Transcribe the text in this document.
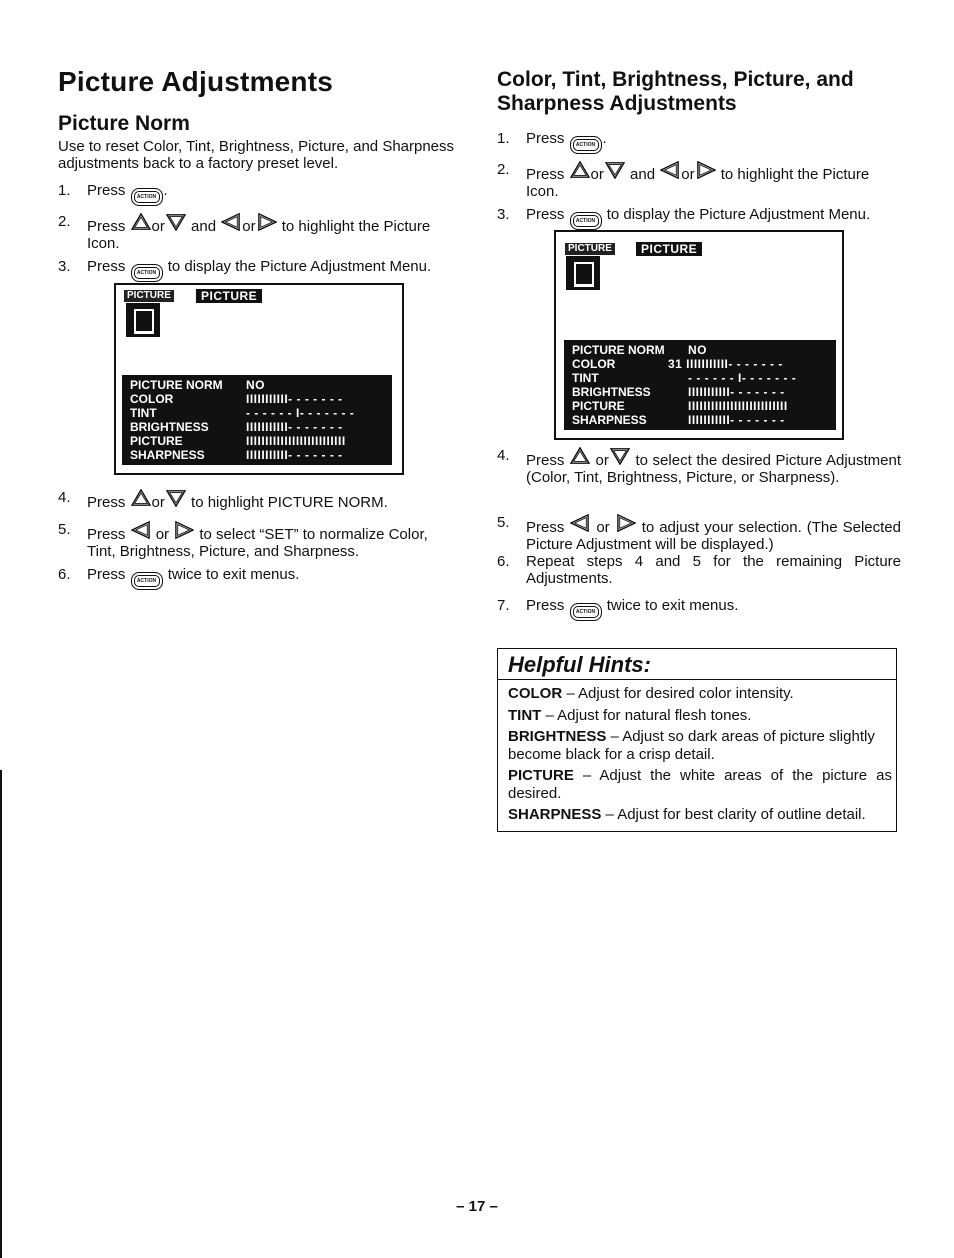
Picture Adjustments
Picture Norm

Use to reset Color, Tint, Brightness, Picture, and Sharpness adjustments back to a factory preset level.

1.	Press ACTION .
2.	Press or and or to highlight the Picture Icon.
3.	Press ACTION to display the Picture Adjustment Menu.
PICTURE	PICTURE
PICTURE NORM NO
COLOR	IIIIIIIIIII- - - - - - -
TINT	- - - - - - I- - - - - - -
BRIGHTNESS	IIIIIIIIIII- - - - - - -
PICTURE	IIIIIIIIIIIIIIIIIIIIIIIIII
SHARPNESS	IIIIIIIIIII- - - - - - -
4.	Press or to highlight PICTURE NORM.
5.	Press or to select “SET” to normalize Color, Tint, Brightness, Picture, and Sharpness.
6.	Press ACTION twice to exit menus.
Color, Tint, Brightness, Picture, and
Sharpness Adjustments
1.	Press ACTION .
2.	Press or and or to highlight the Picture Icon.
3.	Press ACTION to display the Picture Adjustment Menu.
PICTURE	PICTURE
PICTURE NORM NO
COLOR	31 IIIIIIIIIII- - - - - - -
TINT	- - - - - - I- - - - - - -
BRIGHTNESS	IIIIIIIIIII- - - - - - -
PICTURE	IIIIIIIIIIIIIIIIIIIIIIIIII
SHARPNESS	IIIIIIIIIII- - - - - - -
4.	Press or to select the desired Picture Adjustment (Color, Tint, Brightness, Picture, or Sharpness).
5.	Press or to adjust your selection. (The Selected Picture Adjustment will be displayed.)
6.	Repeat steps 4 and 5 for the remaining Picture Adjustments.
7.	Press ACTION twice to exit menus.
Helpful Hints:

COLOR – Adjust for desired color intensity.

TINT – Adjust for natural flesh tones.

BRIGHTNESS – Adjust so dark areas of picture slightly become black for a crisp detail.

PICTURE – Adjust the white areas of the picture as desired.

SHARPNESS – Adjust for best clarity of outline detail.

– 17 –
